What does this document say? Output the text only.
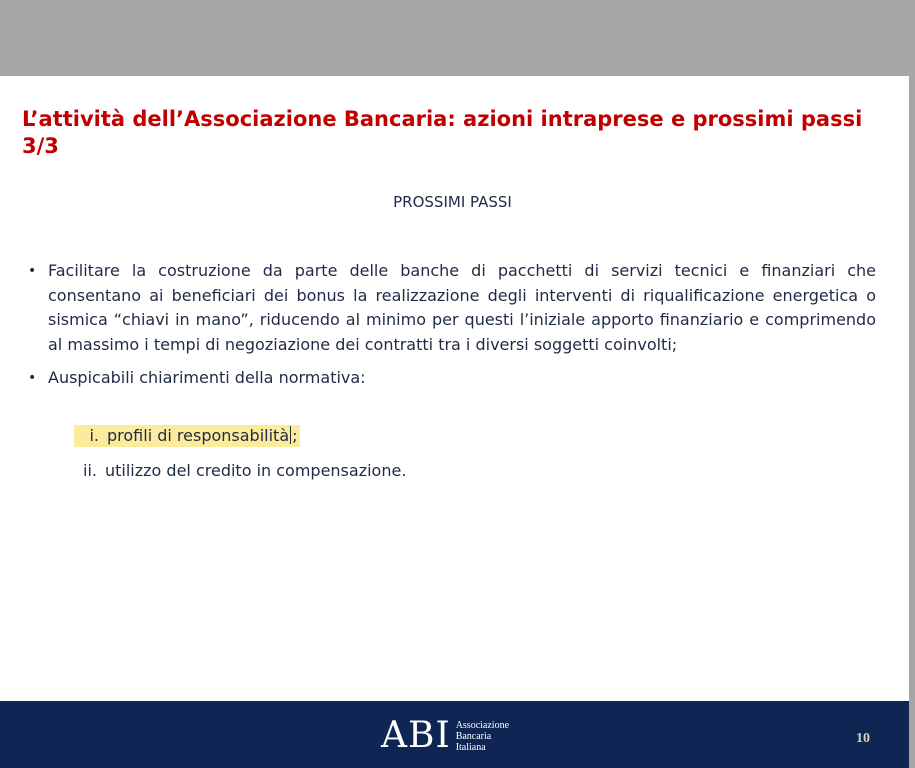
L’attività dell’Associazione Bancaria: azioni intraprese e prossimi passi 3/3
PROSSIMI PASSI
• Facilitare la costruzione da parte delle banche di pacchetti di servizi tecnici e finanziari che consentano ai beneficiari dei bonus la realizzazione degli interventi di riqualificazione energetica o sismica “chiavi in mano”, riducendo al minimo per questi l’iniziale apporto finanziario e comprimendo al massimo i tempi di negoziazione dei contratti tra i diversi soggetti coinvolti;
• Auspicabili chiarimenti della normativa:
i. profili di responsabilità ;
ii. utilizzo del credito in compensazione.
ABI Associazione
Bancaria
Italiana
10
